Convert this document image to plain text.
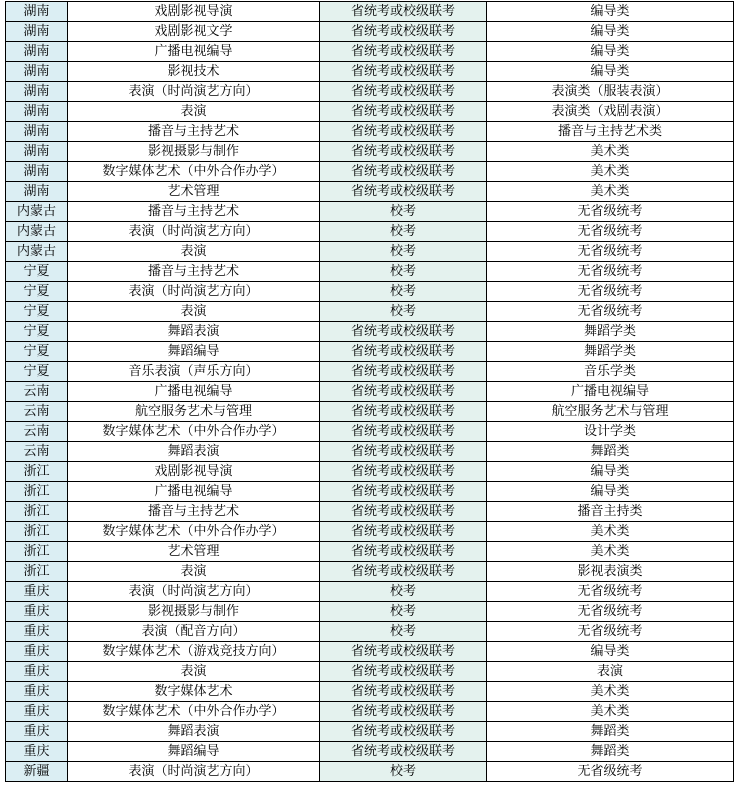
湖南	戏剧影视导演	省统考或校级联考	编导类
湖南	戏剧影视文学	省统考或校级联考	编导类
湖南	广播电视编导	省统考或校级联考	编导类
湖南	影视技术	省统考或校级联考	编导类
湖南	表演（时尚演艺方向）	省统考或校级联考	表演类（服装表演）
湖南	表演	省统考或校级联考	表演类（戏剧表演）
湖南	播音与主持艺术	省统考或校级联考	播音与主持艺术类
湖南	影视摄影与制作	省统考或校级联考	美术类
湖南	数字媒体艺术（中外合作办学）	省统考或校级联考	美术类
湖南	艺术管理	省统考或校级联考	美术类
内蒙古	播音与主持艺术	校考	无省级统考
内蒙古	表演（时尚演艺方向）	校考	无省级统考
内蒙古	表演	校考	无省级统考
宁夏	播音与主持艺术	校考	无省级统考
宁夏	表演（时尚演艺方向）	校考	无省级统考
宁夏	表演	校考	无省级统考
宁夏	舞蹈表演	省统考或校级联考	舞蹈学类
宁夏	舞蹈编导	省统考或校级联考	舞蹈学类
宁夏	音乐表演（声乐方向）	省统考或校级联考	音乐学类
云南	广播电视编导	省统考或校级联考	广播电视编导
云南	航空服务艺术与管理	省统考或校级联考	航空服务艺术与管理
云南	数字媒体艺术（中外合作办学）	省统考或校级联考	设计学类
云南	舞蹈表演	省统考或校级联考	舞蹈类
浙江	戏剧影视导演	省统考或校级联考	编导类
浙江	广播电视编导	省统考或校级联考	编导类
浙江	播音与主持艺术	省统考或校级联考	播音主持类
浙江	数字媒体艺术（中外合作办学）	省统考或校级联考	美术类
浙江	艺术管理	省统考或校级联考	美术类
浙江	表演	省统考或校级联考	影视表演类
重庆	表演（时尚演艺方向）	校考	无省级统考
重庆	影视摄影与制作	校考	无省级统考
重庆	表演（配音方向）	校考	无省级统考
重庆	数字媒体艺术（游戏竞技方向）	省统考或校级联考	编导类
重庆	表演	省统考或校级联考	表演
重庆	数字媒体艺术	省统考或校级联考	美术类
重庆	数字媒体艺术（中外合作办学）	省统考或校级联考	美术类
重庆	舞蹈表演	省统考或校级联考	舞蹈类
重庆	舞蹈编导	省统考或校级联考	舞蹈类
新疆	表演（时尚演艺方向）	校考	无省级统考
